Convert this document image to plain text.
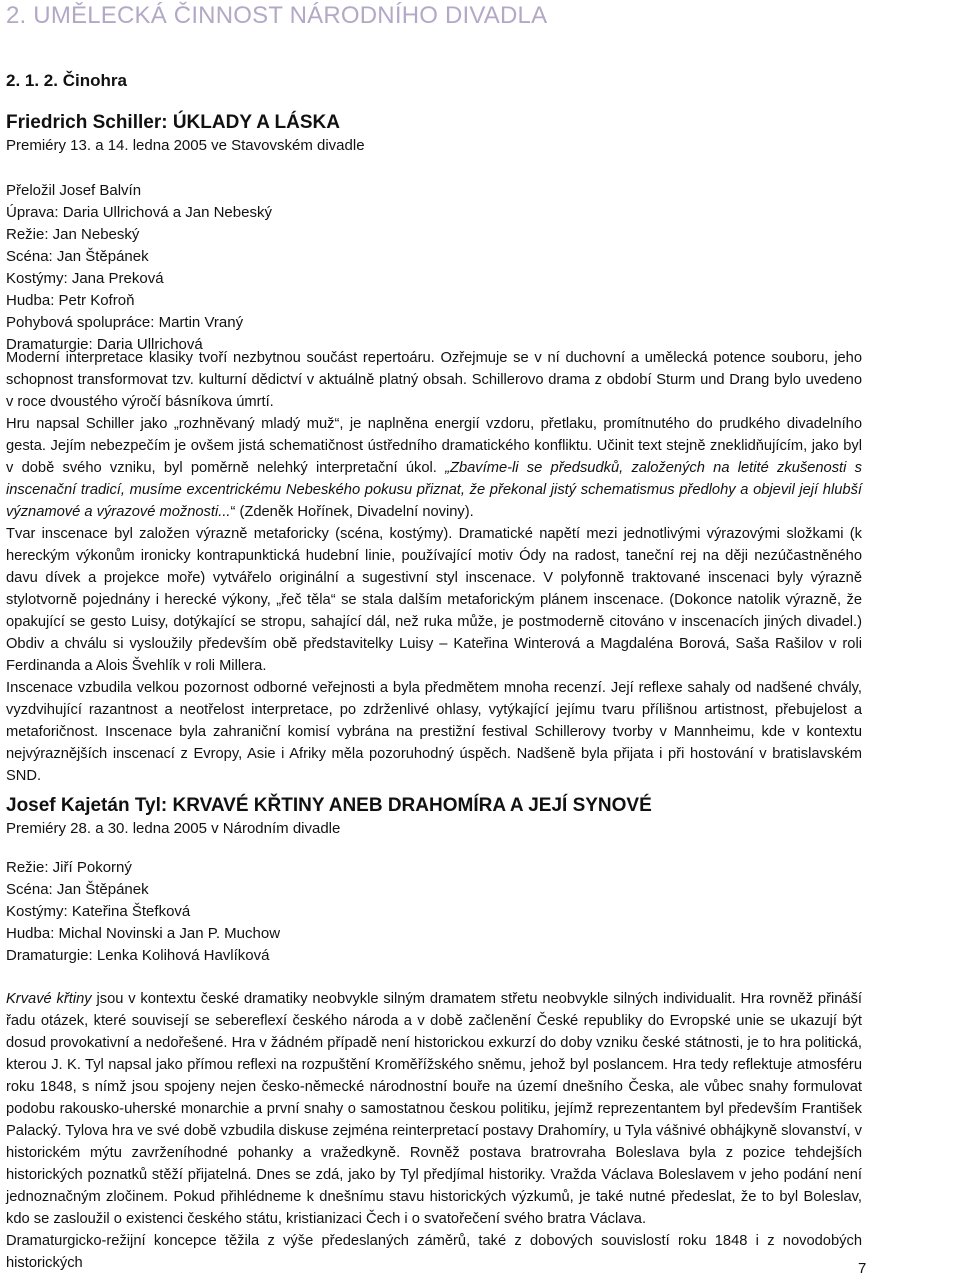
2. UMĚLECKÁ ČINNOST NÁRODNÍHO DIVADLA
2. 1. 2. Činohra
Friedrich Schiller: ÚKLADY A LÁSKA
Premiéry 13. a 14. ledna 2005 ve Stavovském divadle
Přeložil Josef Balvín
Úprava: Daria Ullrichová a Jan Nebeský
Režie: Jan Nebeský
Scéna: Jan Štěpánek
Kostýmy: Jana Preková
Hudba: Petr Kofroň
Pohybová spolupráce: Martin Vraný
Dramaturgie: Daria Ullrichová

Moderní interpretace klasiky tvoří nezbytnou součást repertoáru. Ozřejmuje se v ní duchovní a umělecká potence souboru, jeho schopnost transformovat tzv. kulturní dědictví v aktuálně platný obsah. Schillerovo drama z období Sturm und Drang bylo uvedeno v roce dvoustého výročí básníkova úmrtí.

Hru napsal Schiller jako „rozhněvaný mladý muž“, je naplněna energií vzdoru, přetlaku, promítnutého do prudkého divadelního gesta. Jejím nebezpečím je ovšem jistá schematičnost ústředního dramatického konfliktu. Učinit text stejně zneklidňujícím, jako byl v době svého vzniku, byl poměrně nelehký interpretační úkol. „Zbavíme-li se předsudků, založených na letité zkušenosti s inscenační tradicí, musíme excentrickému Nebeského pokusu přiznat, že překonal jistý schematismus předlohy a objevil její hlubší významové a výrazové možnosti...“ (Zdeněk Hořínek, Divadelní noviny).

Tvar inscenace byl založen výrazně metaforicky (scéna, kostýmy). Dramatické napětí mezi jednotlivými výrazovými složkami (k hereckým výkonům ironicky kontrapunktická hudební linie, používající motiv Ódy na radost, taneční rej na ději nezúčastněného davu dívek a projekce moře) vytvářelo originální a sugestivní styl inscenace. V polyfonně traktované inscenaci byly výrazně stylotvorně pojednány i herecké výkony, „řeč těla“ se stala dalším metaforickým plánem inscenace. (Dokonce natolik výrazně, že opakující se gesto Luisy, dotýkající se stropu, sahající dál, než ruka může, je postmoderně citováno v inscenacích jiných divadel.) Obdiv a chválu si vysloužily především obě představitelky Luisy – Kateřina Winterová a Magdaléna Borová, Saša Rašilov v roli Ferdinanda a Alois Švehlík v roli Millera.

Inscenace vzbudila velkou pozornost odborné veřejnosti a byla předmětem mnoha recenzí. Její reflexe sahaly od nadšené chvály, vyzdvihující razantnost a neotřelost interpretace, po zdrženlivé ohlasy, vytýkající jejímu tvaru přílišnou artistnost, přebujelost a metaforičnost. Inscenace byla zahraniční komisí vybrána na prestižní festival Schillerovy tvorby v Mannheimu, kde v kontextu nejvýraznějších inscenací z Evropy, Asie i Afriky měla pozoruhodný úspěch. Nadšeně byla přijata i při hostování v bratislavském SND.

Josef Kajetán Tyl: KRVAVÉ KŘTINY ANEB DRAHOMÍRA A JEJÍ SYNOVÉ
Premiéry 28. a 30. ledna 2005 v Národním divadle
Režie: Jiří Pokorný
Scéna: Jan Štěpánek
Kostýmy: Kateřina Štefková
Hudba: Michal Novinski a Jan P. Muchow
Dramaturgie: Lenka Kolihová Havlíková

Krvavé křtiny jsou v kontextu české dramatiky neobvykle silným dramatem střetu neobvykle silných individualit. Hra rovněž přináší řadu otázek, které souvisejí se sebereflexí českého národa a v době začlenění České republiky do Evropské unie se ukazují být dosud provokativní a nedořešené. Hra v žádném případě není historickou exkurzí do doby vzniku české státnosti, je to hra politická, kterou J. K. Tyl napsal jako přímou reflexi na rozpuštění Kroměřížského sněmu, jehož byl poslancem. Hra tedy reflektuje atmosféru roku 1848, s nímž jsou spojeny nejen česko-německé národnostní bouře na území dnešního Česka, ale vůbec snahy formulovat podobu rakousko-uherské monarchie a první snahy o samostatnou českou politiku, jejímž reprezentantem byl především František Palacký. Tylova hra ve své době vzbudila diskuse zejména reinterpretací postavy Drahomíry, u Tyla vášnivé obhájkyně slovanství, v historickém mýtu zavrženíhodné pohanky a vražedkyně. Rovněž postava bratrovraha Boleslava byla z pozice tehdejších historických poznatků stěží přijatelná. Dnes se zdá, jako by Tyl předjímal historiky. Vražda Václava Boleslavem v jeho podání není jednoznačným zločinem. Pokud přihlédneme k dnešnímu stavu historických výzkumů, je také nutné předeslat, že to byl Boleslav, kdo se zasloužil o existenci českého státu, kristianizaci Čech i o svatořečení svého bratra Václava.

Dramaturgicko-režijní koncepce těžila z výše předeslaných záměrů, také z dobových souvislostí roku 1848 i z novodobých historických	7
